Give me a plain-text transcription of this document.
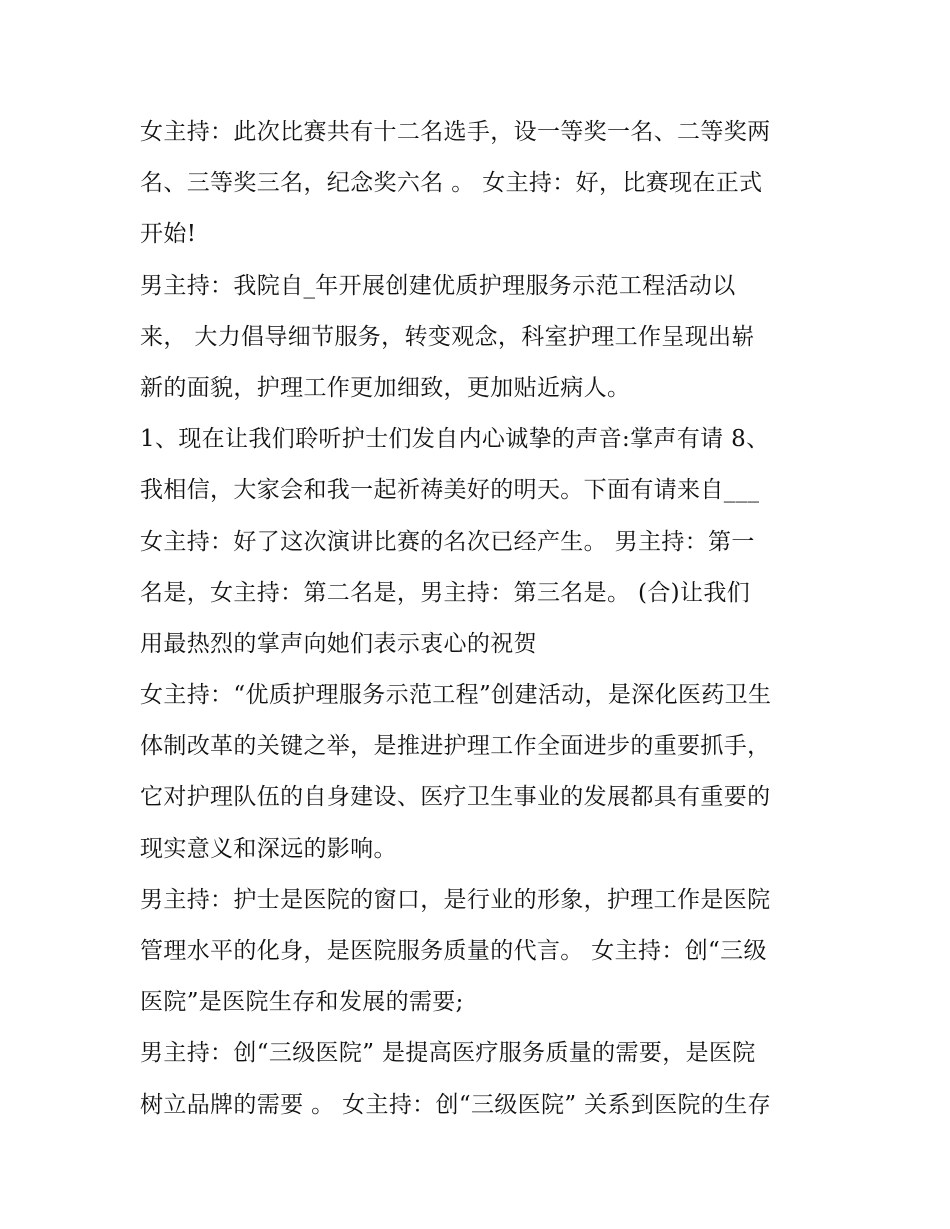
女主持：此次比赛共有十二名选手，设一等奖一名、二等奖两
名、三等奖三名，纪念奖六名 。 女主持：好，比赛现在正式
开始!
男主持：我院自_年开展创建优质护理服务示范工程活动以
来， 大力倡导细节服务，转变观念，科室护理工作呈现出崭
新的面貌，护理工作更加细致，更加贴近病人。
1、现在让我们聆听护士们发自内心诚挚的声音:掌声有请 8、
我相信，大家会和我一起祈祷美好的明天。下面有请来自___
女主持：好了这次演讲比赛的名次已经产生。 男主持：第一
名是，女主持：第二名是，男主持：第三名是。 (合)让我们
用最热烈的掌声向她们表示衷心的祝贺
女主持：“优质护理服务示范工程”创建活动，是深化医药卫生
体制改革的关键之举，是推进护理工作全面进步的重要抓手，
它对护理队伍的自身建设、医疗卫生事业的发展都具有重要的
现实意义和深远的影响。
男主持：护士是医院的窗口，是行业的形象，护理工作是医院
管理水平的化身，是医院服务质量的代言。 女主持：创“三级
医院”是医院生存和发展的需要;
男主持：创“三级医院” 是提高医疗服务质量的需要，是医院
树立品牌的需要 。 女主持：创“三级医院” 关系到医院的生存
